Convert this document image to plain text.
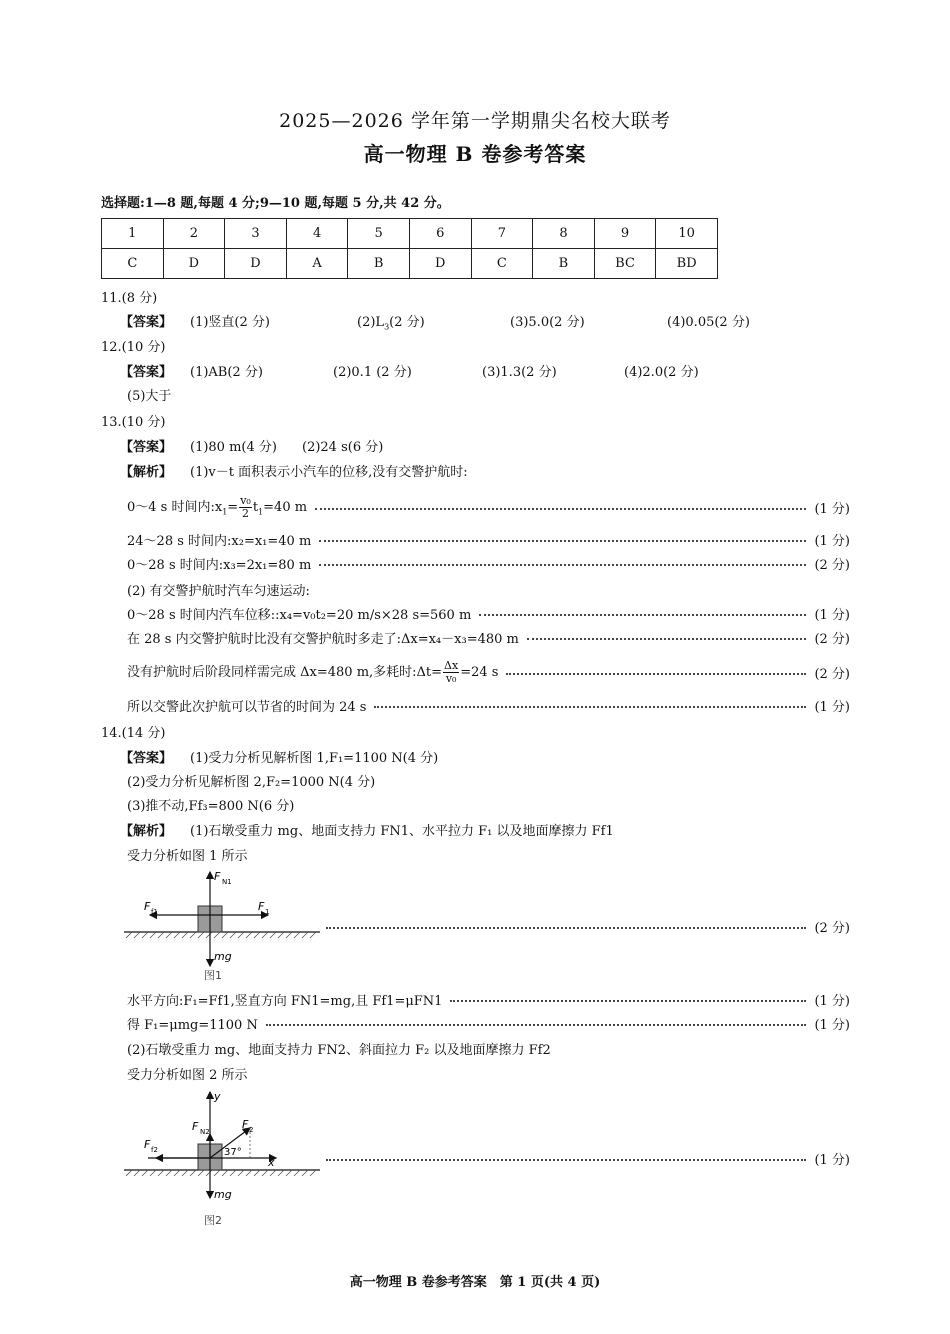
2025—2026 学年第一学期鼎尖名校大联考
高一物理 B 卷参考答案
选择题:1—8 题,每题 4 分;9—10 题,每题 5 分,共 42 分。
1	2	3	4	5	6	7	8	9	10
C	D	D	A	B	D	C	B	BC	BD
11.(8 分)
【答案】 (1)竖直(2 分)	$(2)L_3(2$ 分)	(3)5.0(2 分)	(4)0.05(2 分)
12.(10 分)
【答案】 (1)AB(2 分)	(2)0.1 (2 分)	(3)1.3(2 分)	(4)2.0(2 分)
(5)大于
13.(10 分)
【答案】 (1)80 m(4 分) (2)24 s(6 分)
【解析】 (1)v－t 面积表示小汽车的位移,没有交警护航时:
0～4 s 时间内$:x_1= \frac{\text{v₀}}{2} t_1=40$ m	(1 分)
24～28 s 时间内:x₂=x₁=40 m	(1 分)
0～28 s 时间内:x₃=2x₁=80 m	(2 分)
(2) 有交警护航时汽车匀速运动:
0～28 s 时间内汽车位移::x₄=v₀t₂=20 m/s×28 s=560 m	(1 分)
在 28 s 内交警护航时比没有交警护航时多走了:Δx=x₄－x₃=480 m	(2 分)
没有护航时后阶段同样需完成 Δx=480 m,多耗时:Δt= $\frac{\Delta x}{\text{v₀}} =24$ s	(2 分)
所以交警此次护航可以节省的时间为 24 s	(1 分)
14.(14 分)
【答案】 (1)受力分析见解析图 1,F₁=1100 N(4 分)
(2)受力分析见解析图 2,F₂=1000 N(4 分)
(3)推不动,Ff₃=800 N(6 分)
【解析】 (1)石墩受重力 mg、地面支持力 FN1、水平拉力 F₁ 以及地面摩擦力 Ff1
受力分析如图 1 所示
F N1
F f1	F 1
mg
图1
(2 分)
水平方向:F₁=Ff1,竖直方向 FN1=mg,且 Ff1=μFN1	(1 分)
得 F₁=μmg=1100 N	(1 分)
(2)石墩受重力 mg、地面支持力 FN2、斜面拉力 F₂ 以及地面摩擦力 Ff2
受力分析如图 2 所示
y
x
F N2
F f2
F 2
37°
mg
图2
(1 分)
高一物理 B 卷参考答案　第 1 页(共 4 页)
